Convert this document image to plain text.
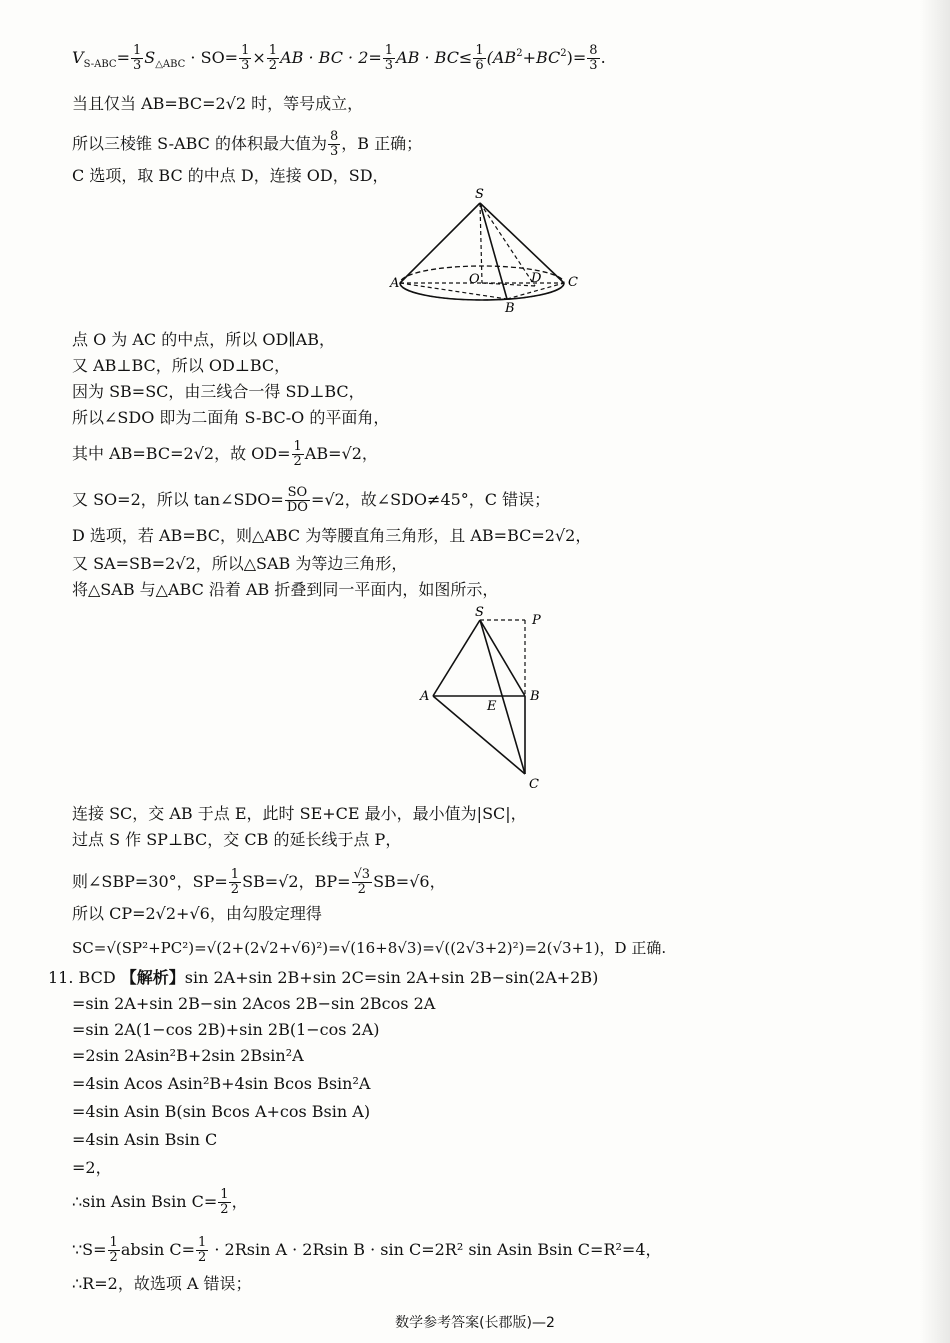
$V_{S-ABC}= \frac{1}{3} S_{\triangle ABC} \cdot SO= \frac{1}{3} \times \frac{1}{2}$ AB · BC · $2= \frac{1}{3}$ AB · $BC\le \frac{1}{6} (AB^2+BC^2)= \frac{8}{3}$ .
当且仅当 AB=BC=2√2 时，等号成立，
所以三棱锥 S-ABC 的体积最大值为 $\frac{8}{3}$ ，B 正确；
C 选项，取 BC 的中点 D，连接 OD，SD，
S
A	C
B
O	D
点 O 为 AC 的中点，所以 OD∥AB，
又 AB⊥BC，所以 OD⊥BC，
因为 SB=SC，由三线合一得 SD⊥BC，
所以∠SDO 即为二面角 S-BC-O 的平面角，
其中 AB=BC=2√2，故 $OD= \frac{1}{2} AB=√2$，
又 SO=2，所以 tan∠SDO= $\frac{SO}{DO} =√2$，故∠SDO≠45°，C 错误；
D 选项，若 AB=BC，则△ABC 为等腰直角三角形，且 AB=BC=2√2，
又 SA=SB=2√2，所以△SAB 为等边三角形，
将△SAB 与△ABC 沿着 AB 折叠到同一平面内，如图所示，
S
P
A	B
E
C
连接 SC，交 AB 于点 E，此时 SE+CE 最小，最小值为|SC|，
过点 S 作 SP⊥BC，交 CB 的延长线于点 P，
则∠SBP=30°，$SP= \frac{1}{2} SB=√2$，$BP= \frac{√3}{2} SB=√6$，
所以 CP=2√2+√6，由勾股定理得
SC=√(SP²+PC²)=√(2+(2√2+√6)²)=√(16+8√3)=√((2√3+2)²)=2(√3+1)，D 正确.
11. BCD 【解析】sin 2A+sin 2B+sin 2C=sin 2A+sin 2B−sin(2A+2B)
=sin 2A+sin 2B−sin 2Acos 2B−sin 2Bcos 2A
=sin 2A(1−cos 2B)+sin 2B(1−cos 2A)
=2sin 2Asin²B+2sin 2Bsin²A
=4sin Acos Asin²B+4sin Bcos Bsin²A
=4sin Asin B(sin Bcos A+cos Bsin A)
=4sin Asin Bsin C
=2，
∴sin Asin Bsin $C= \frac{1}{2}$ ，
∵S= $\frac{1}{2}$ absin $C= \frac{1}{2} \cdot 2Rsin$ A · 2Rsin B · sin C=2R² sin Asin Bsin C=R²=4，
∴R=2，故选项 A 错误；
数学参考答案(长郡版)—2
